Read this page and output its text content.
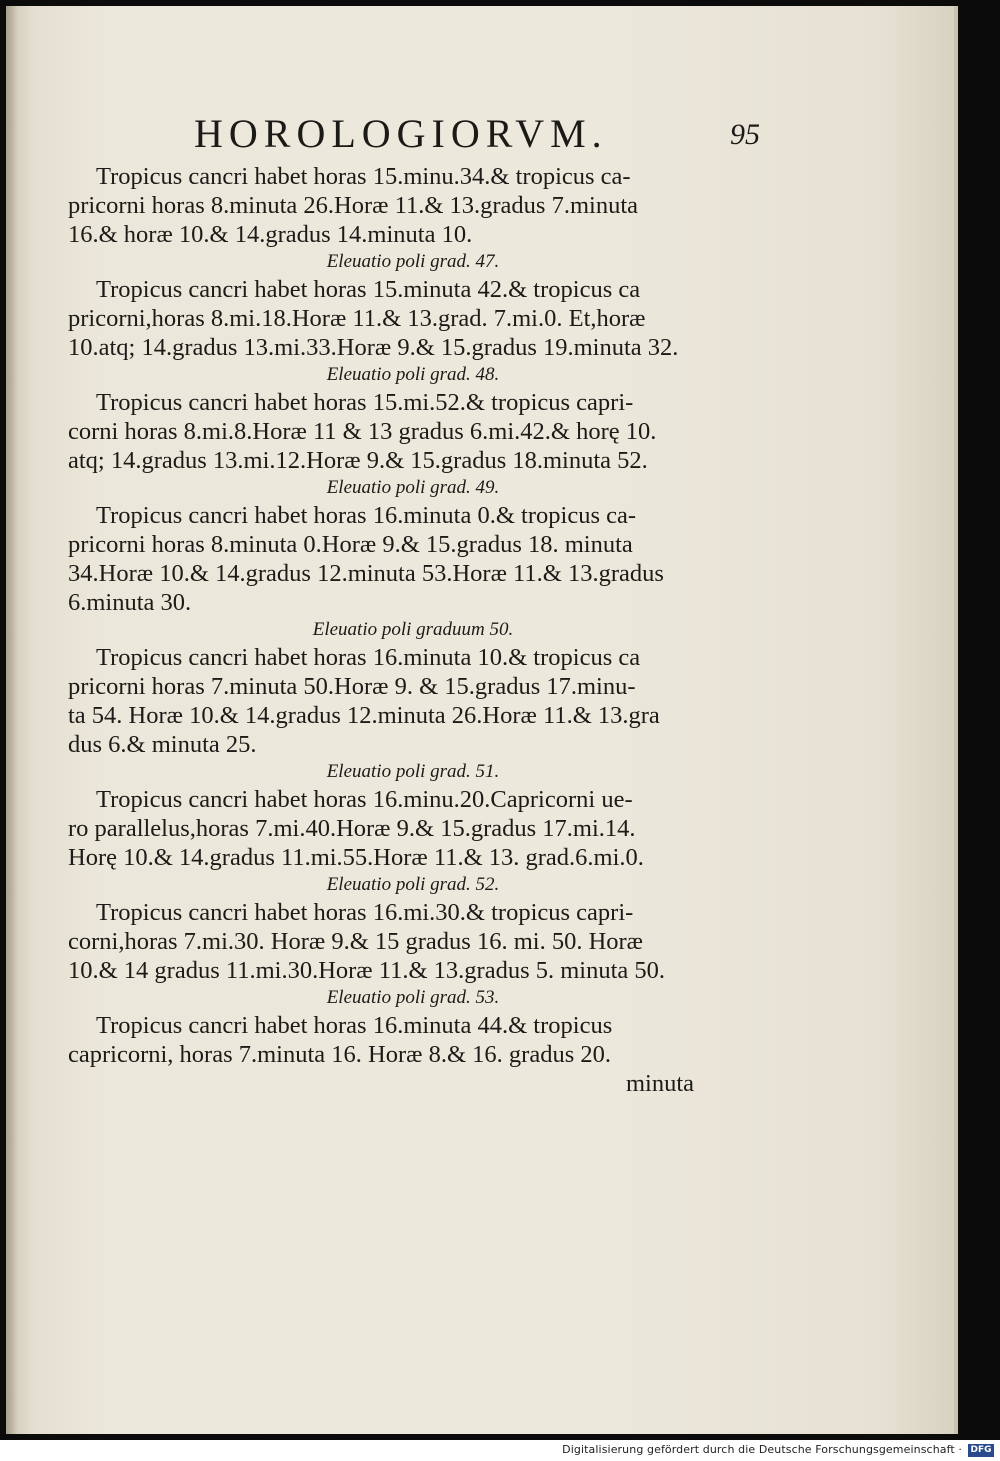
HOROLOGIORVM.	95
Tropicus cancri habet horas 15.minu.34.& tropicus ca-
pricorni horas 8.minuta 26.Horæ 11.& 13.gradus 7.minuta
16.& horæ 10.& 14.gradus 14.minuta 10.
Eleuatio poli grad. 47.
Tropicus cancri habet horas 15.minuta 42.& tropicus ca
pricorni,horas 8.mi.18.Horæ 11.& 13.grad. 7.mi.0. Et,horæ
10.atq; 14.gradus 13.mi.33.Horæ 9.& 15.gradus 19.minuta 32.
Eleuatio poli grad. 48.
Tropicus cancri habet horas 15.mi.52.& tropicus capri-
corni horas 8.mi.8.Horæ 11 & 13 gradus 6.mi.42.& horę 10.
atq; 14.gradus 13.mi.12.Horæ 9.& 15.gradus 18.minuta 52.
Eleuatio poli grad. 49.
Tropicus cancri habet horas 16.minuta 0.& tropicus ca-
pricorni horas 8.minuta 0.Horæ 9.& 15.gradus 18. minuta
34.Horæ 10.& 14.gradus 12.minuta 53.Horæ 11.& 13.gradus
6.minuta 30.
Eleuatio poli graduum 50.
Tropicus cancri habet horas 16.minuta 10.& tropicus ca
pricorni horas 7.minuta 50.Horæ 9. & 15.gradus 17.minu-
ta 54. Horæ 10.& 14.gradus 12.minuta 26.Horæ 11.& 13.gra
dus 6.& minuta 25.
Eleuatio poli grad. 51.
Tropicus cancri habet horas 16.minu.20.Capricorni ue-
ro parallelus,horas 7.mi.40.Horæ 9.& 15.gradus 17.mi.14.
Horę 10.& 14.gradus 11.mi.55.Horæ 11.& 13. grad.6.mi.0.
Eleuatio poli grad. 52.
Tropicus cancri habet horas 16.mi.30.& tropicus capri-
corni,horas 7.mi.30. Horæ 9.& 15 gradus 16. mi. 50. Horæ
10.& 14 gradus 11.mi.30.Horæ 11.& 13.gradus 5. minuta 50.
Eleuatio poli grad. 53.
Tropicus cancri habet horas 16.minuta 44.& tropicus
capricorni, horas 7.minuta 16. Horæ 8.& 16. gradus 20.
minuta
Digitalisierung gefördert durch die Deutsche Forschungsgemeinschaft · DFG
